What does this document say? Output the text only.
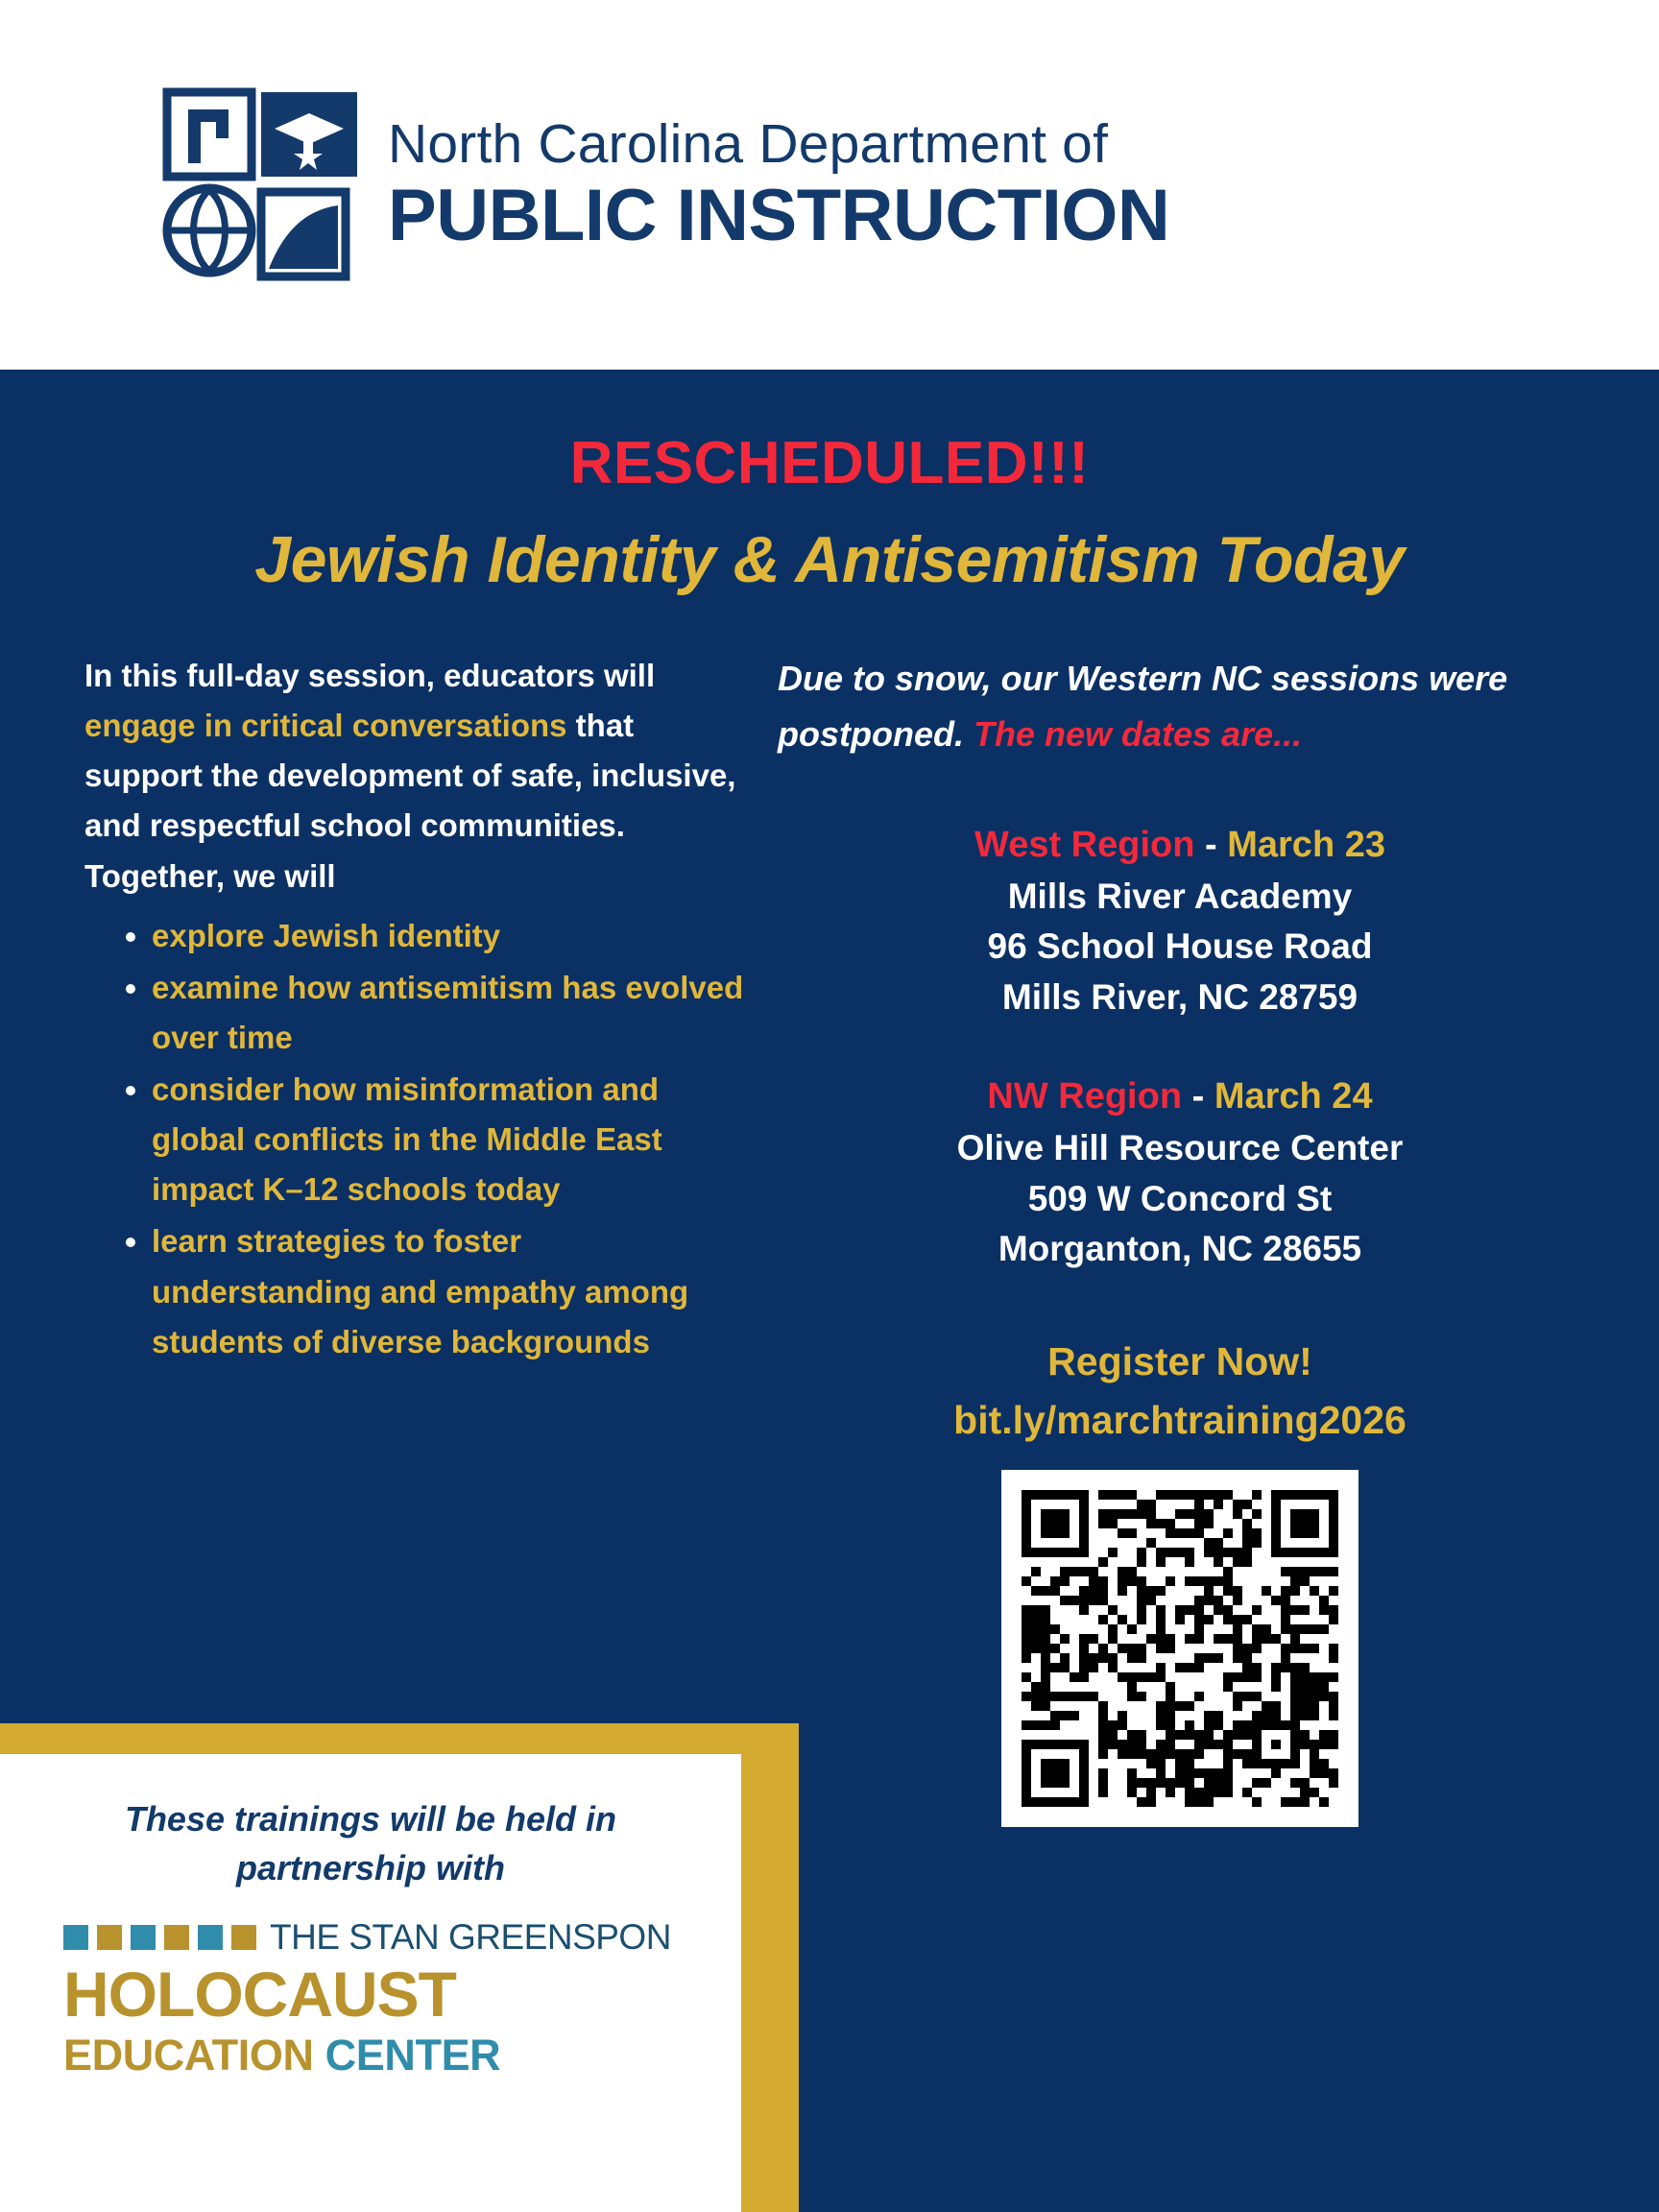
North Carolina Department of
PUBLIC INSTRUCTION
RESCHEDULED!!!
Jewish Identity & Antisemitism Today

In this full-day session, educators will engage in critical conversations that support the development of safe, inclusive, and respectful school communities. Together, we will

• explore Jewish identity
• examine how antisemitism has evolved over time
• consider how misinformation and global conflicts in the Middle East impact K–12 schools today
• learn strategies to foster understanding and empathy among students of diverse backgrounds

Due to snow, our Western NC sessions were postponed. The new dates are...

West Region - March 23
Mills River Academy
96 School House Road
Mills River, NC 28759
NW Region - March 24
Olive Hill Resource Center
509 W Concord St
Morganton, NC 28655
Register Now!
bit.ly/marchtraining2026
These trainings will be held in partnership with
THE STAN GREENSPON
HOLOCAUST
EDUCATION CENTER
